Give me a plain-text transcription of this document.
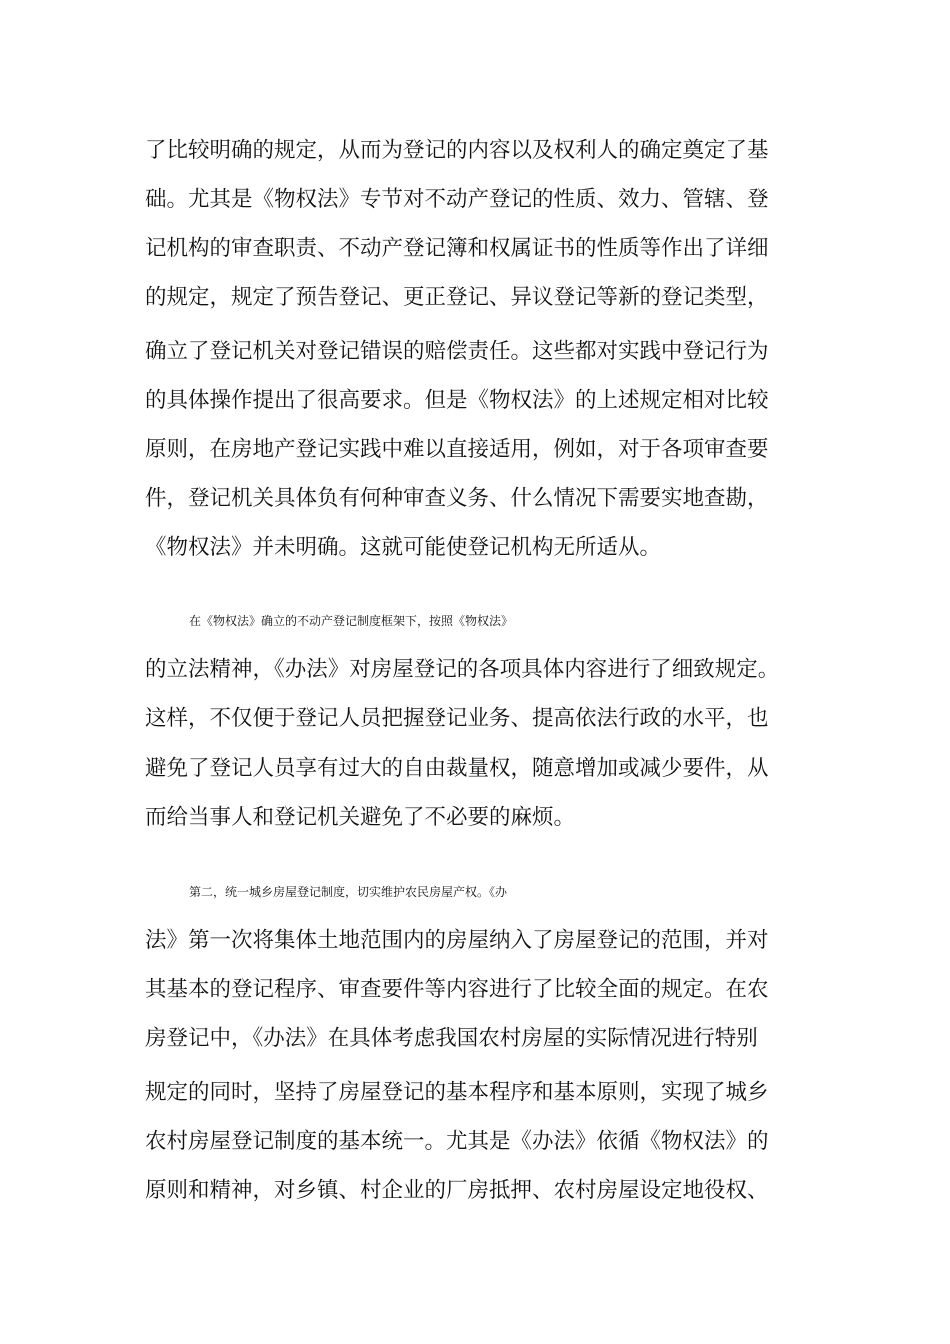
了比较明确的规定，从而为登记的内容以及权利人的确定奠定了基
础。尤其是《物权法》专节对不动产登记的性质、效力、管辖、登
记机构的审查职责、不动产登记簿和权属证书的性质等作出了详细
的规定，规定了预告登记、更正登记、异议登记等新的登记类型，
确立了登记机关对登记错误的赔偿责任。这些都对实践中登记行为
的具体操作提出了很高要求。但是《物权法》的上述规定相对比较
原则，在房地产登记实践中难以直接适用，例如，对于各项审查要
件，登记机关具体负有何种审查义务、什么情况下需要实地查勘，
《物权法》并未明确。这就可能使登记机构无所适从。
在《物权法》确立的不动产登记制度框架下，按照《物权法》
的立法精神，《办法》对房屋登记的各项具体内容进行了细致规定。
这样，不仅便于登记人员把握登记业务、提高依法行政的水平，也
避免了登记人员享有过大的自由裁量权，随意增加或减少要件，从
而给当事人和登记机关避免了不必要的麻烦。
第二，统一城乡房屋登记制度，切实维护农民房屋产权。《办
法》第一次将集体土地范围内的房屋纳入了房屋登记的范围，并对
其基本的登记程序、审查要件等内容进行了比较全面的规定。在农
房登记中，《办法》在具体考虑我国农村房屋的实际情况进行特别
规定的同时，坚持了房屋登记的基本程序和基本原则，实现了城乡
农村房屋登记制度的基本统一。尤其是《办法》依循《物权法》的
原则和精神，对乡镇、村企业的厂房抵押、农村房屋设定地役权、
